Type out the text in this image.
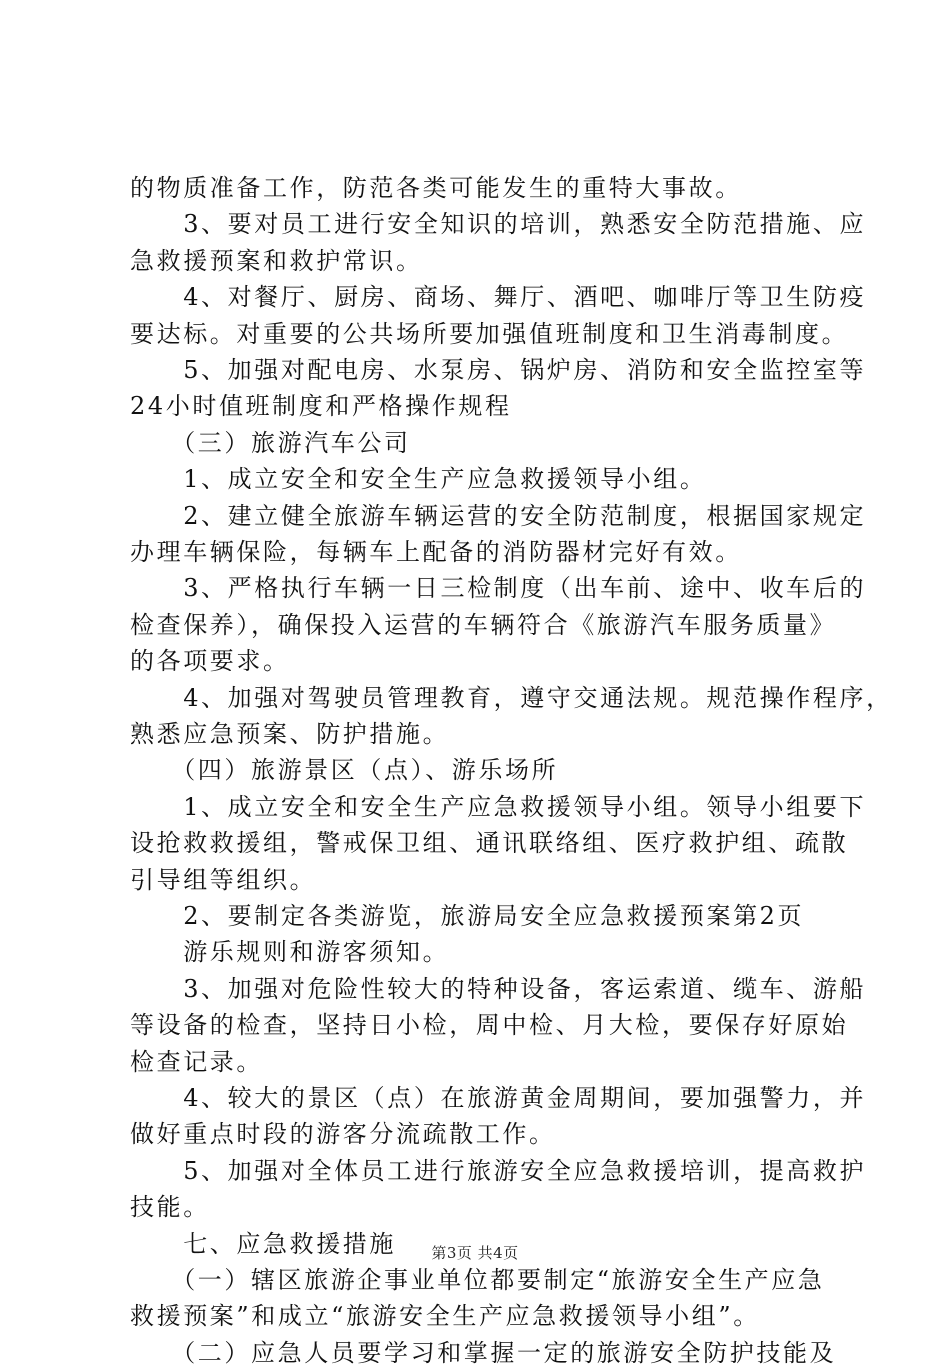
的物质准备工作，防范各类可能发生的重特大事故。
　　3、要对员工进行安全知识的培训，熟悉安全防范措施、应
急救援预案和救护常识。
　　4、对餐厅、厨房、商场、舞厅、酒吧、咖啡厅等卫生防疫
要达标。对重要的公共场所要加强值班制度和卫生消毒制度。
　　5、加强对配电房、水泵房、锅炉房、消防和安全监控室等
24小时值班制度和严格操作规程
　　（三）旅游汽车公司
　　1、成立安全和安全生产应急救援领导小组。
　　2、建立健全旅游车辆运营的安全防范制度，根据国家规定
办理车辆保险，每辆车上配备的消防器材完好有效。
　　3、严格执行车辆一日三检制度（出车前、途中、收车后的
检查保养），确保投入运营的车辆符合《旅游汽车服务质量》
的各项要求。
　　4、加强对驾驶员管理教育，遵守交通法规。规范操作程序，
熟悉应急预案、防护措施。
　　（四）旅游景区（点）、游乐场所
　　1、成立安全和安全生产应急救援领导小组。领导小组要下
设抢救救援组，警戒保卫组、通讯联络组、医疗救护组、疏散
引导组等组织。
　　2、要制定各类游览，旅游局安全应急救援预案第2页
　　游乐规则和游客须知。
　　3、加强对危险性较大的特种设备，客运索道、缆车、游船
等设备的检查，坚持日小检，周中检、月大检，要保存好原始
检查记录。
　　4、较大的景区（点）在旅游黄金周期间，要加强警力，并
做好重点时段的游客分流疏散工作。
　　5、加强对全体员工进行旅游安全应急救援培训，提高救护
技能。
　　七、应急救援措施
　　（一）辖区旅游企事业单位都要制定“旅游安全生产应急
救援预案”和成立“旅游安全生产应急救援领导小组”。
　　（二）应急人员要学习和掌握一定的旅游安全防护技能及
第3页 共4页
